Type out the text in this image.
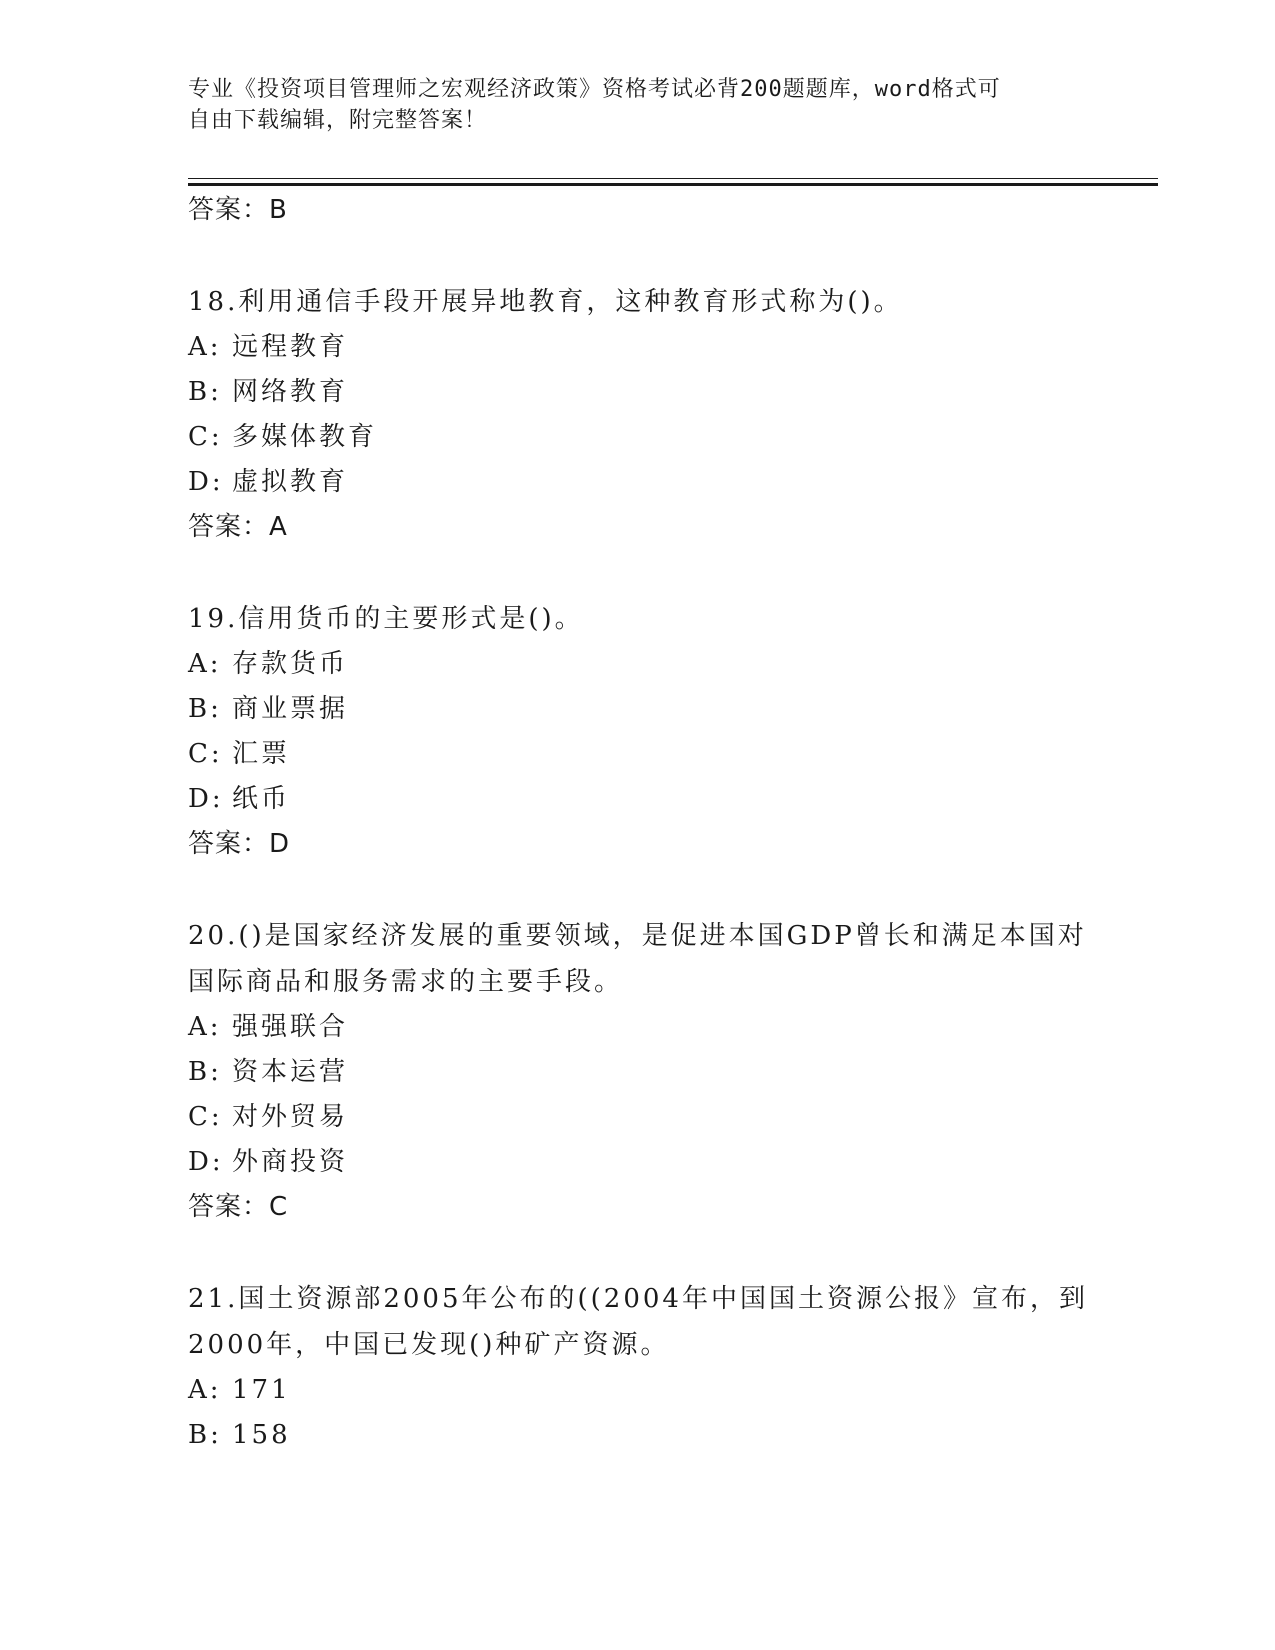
专业《投资项目管理师之宏观经济政策》资格考试必背200题题库，word格式可
自由下载编辑，附完整答案！
答案：B

18.利用通信手段开展异地教育，这种教育形式称为()。

A: 远程教育
B: 网络教育
C: 多媒体教育
D: 虚拟教育
答案：A

19.信用货币的主要形式是()。

A: 存款货币
B: 商业票据
C: 汇票
D: 纸币
答案：D

20.()是国家经济发展的重要领域，是促进本国GDP曾长和满足本国对国际商品和服务需求的主要手段。

A: 强强联合
B: 资本运营
C: 对外贸易
D: 外商投资
答案：C

21.国土资源部2005年公布的((2004年中国国土资源公报》宣布，到2000年，中国已发现()种矿产资源。

A: 171
B: 158
